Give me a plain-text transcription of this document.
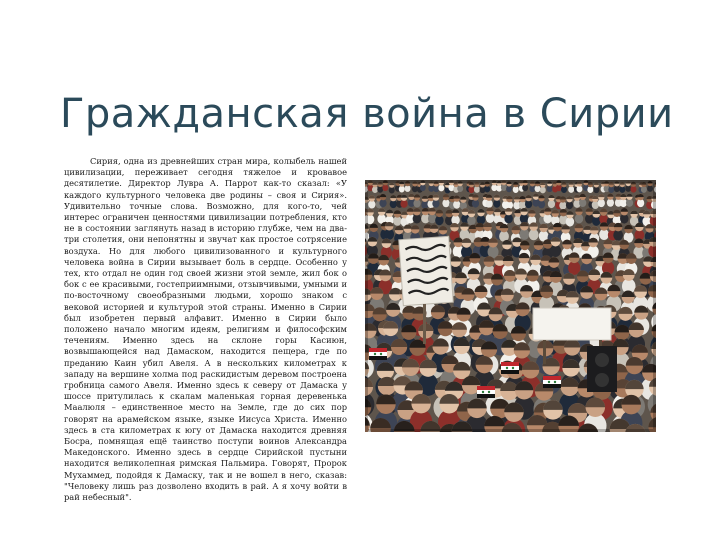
Гражданская война в Сирии
Сирия, одна из древнейших стран мира, колыбель нашей цивилизации, переживает сегодня тяжелое и кровавое десятилетие. Директор Лувра А. Паррот как-то сказал: «У каждого культурного человека две родины – своя и Сирия». Удивительно точные слова. Возможно, для кого-то, чей интерес ограничен ценностями цивилизации потребления, кто не в состоянии заглянуть назад в историю глубже, чем на два-три столетия, они непонятны и звучат как простое сотрясение воздуха. Но для любого цивилизованного и культурного человека война в Сирии вызывает боль в сердце. Особенно у тех, кто отдал не один год своей жизни этой земле, жил бок о бок с ее красивыми, гостеприимными, отзывчивыми, умными и по-восточному своеобразными людьми, хорошо знаком с вековой историей и культурой этой страны. Именно в Сирии был изобретен первый алфавит. Именно в Сирии было положено начало многим идеям, религиям и философским течениям. Именно здесь на склоне горы Касиюн, возвышающейся над Дамаском, находится пещера, где по преданию Каин убил Авеля. А в нескольких километрах к западу на вершине холма под раскидистым деревом построена гробница самого Авеля. Именно здесь к северу от Дамаска у шоссе притулилась к скалам маленькая горная деревенька Маалюля – единственное место на Земле, где до сих пор говорят на арамейском языке, языке Иисуса Христа. Именно здесь в ста километрах к югу от Дамаска находится древняя Босра, помнящая ещё таинство поступи воинов Александра Македонского. Именно здесь в сердце Сирийской пустыни находится великолепная римская Пальмира. Говорят, Пророк Мухаммед, подойдя к Дамаску, так и не вошел в него, сказав: "Человеку лишь раз дозволено входить в рай. А я хочу войти в рай небесный".
